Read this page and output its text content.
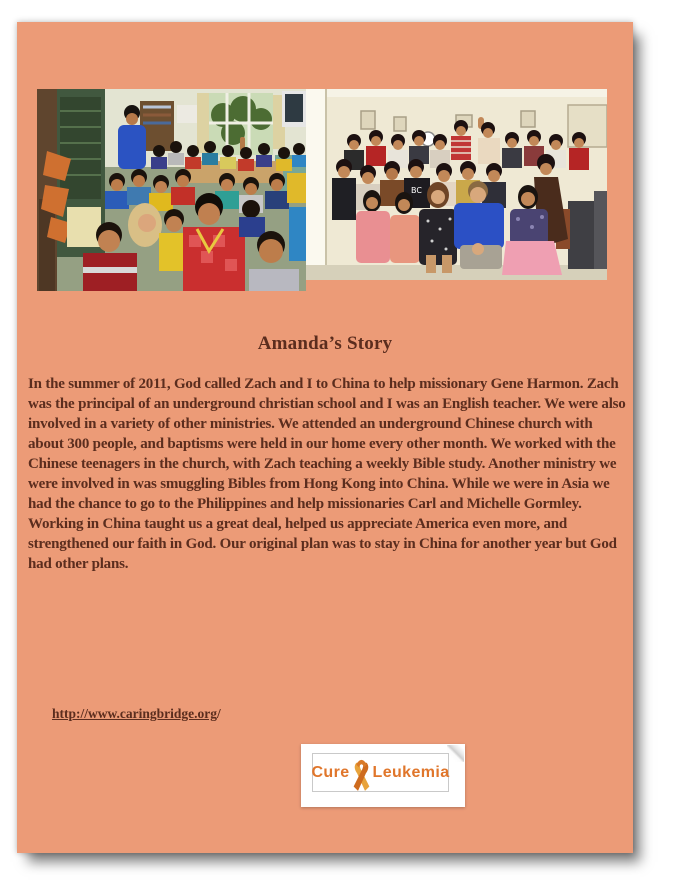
BC
Amanda’s Story

In the summer of 2011, God called Zach and I to China to help missionary Gene Harmon. Zach was the principal of an underground christian school and I was an English teacher. We were also involved in a variety of other ministries. We attended an underground Chinese church with about 300 people, and baptisms were held in our home every other month. We worked with the Chinese teenagers in the church, with Zach teaching a weekly Bible study. Another ministry we were involved in was smuggling Bibles from Hong Kong into China. While we were in Asia we had the chance to go to the Philippines and help missionaries Carl and Michelle Gormley. Working in China taught us a great deal, helped us appreciate America even more, and strengthened our faith in God. Our original plan was to stay in China for another year but God had other plans.

http://www.caringbridge.org/
Cure Leukemia
